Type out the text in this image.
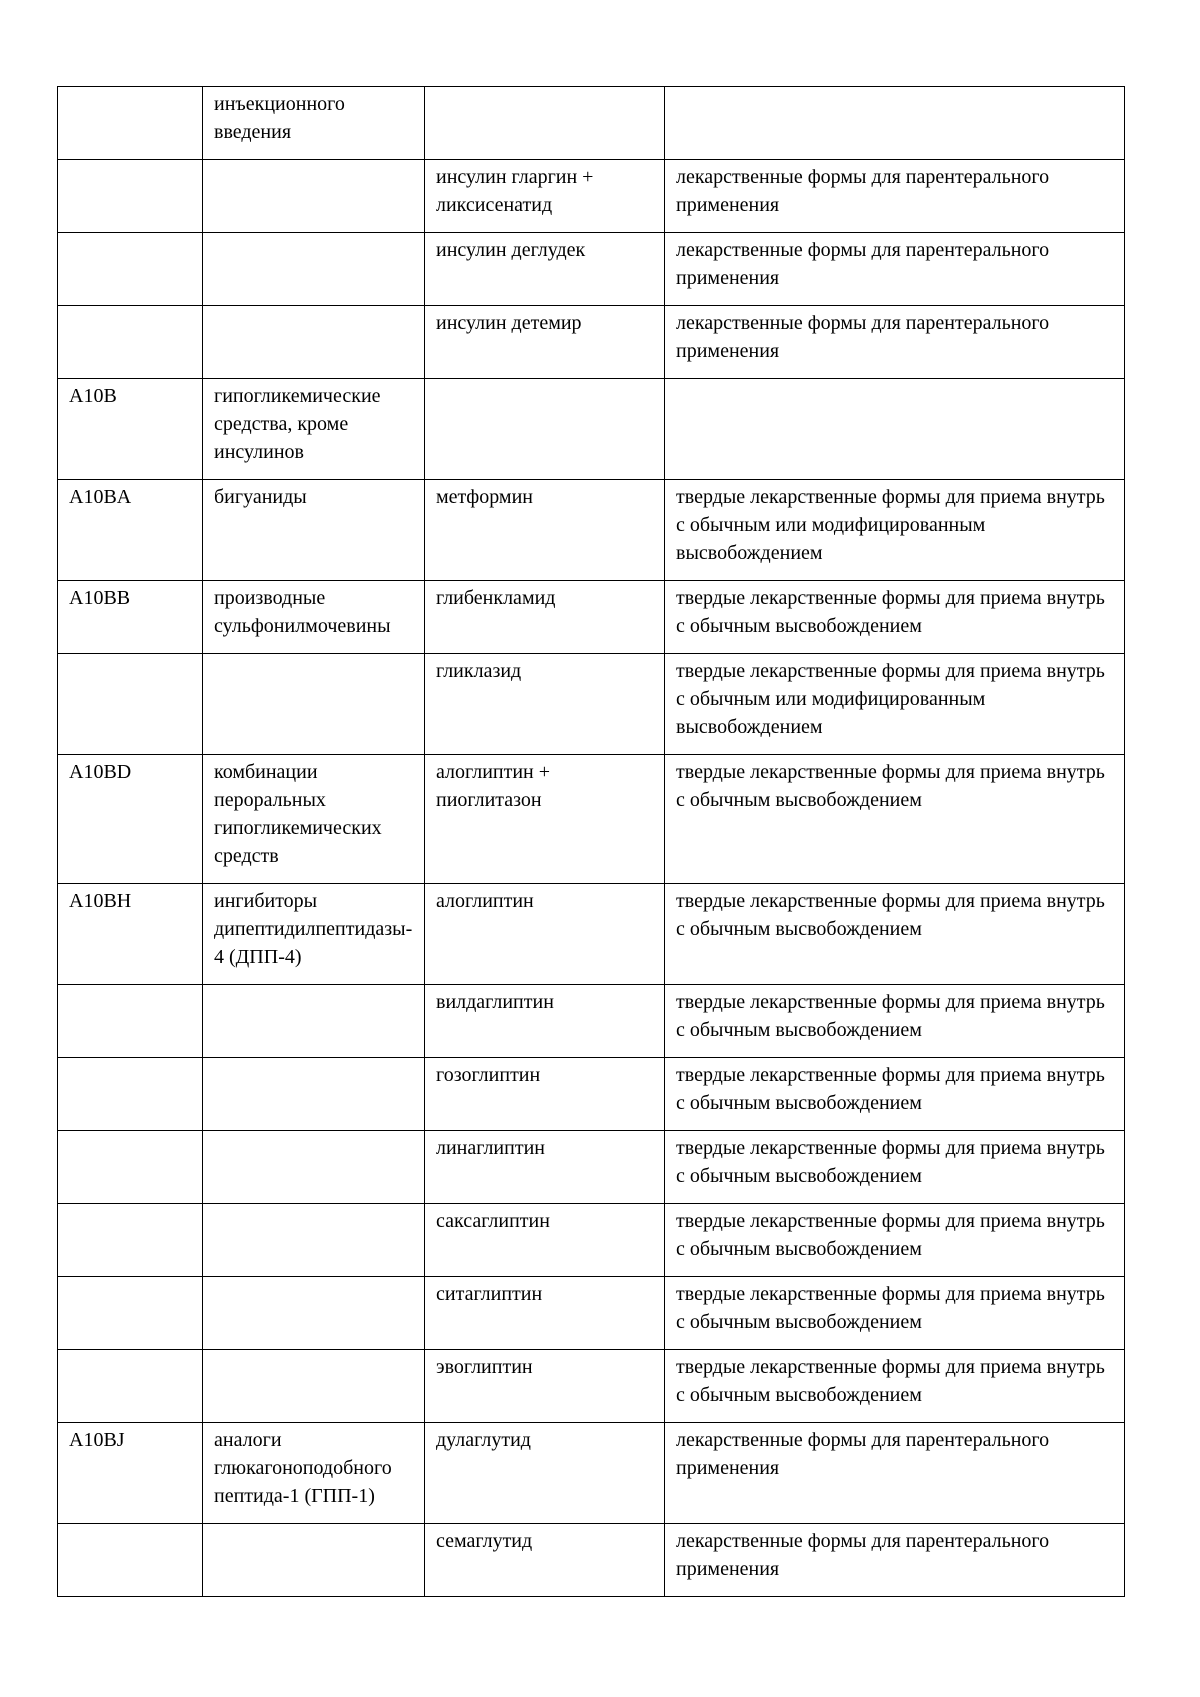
	инъекционного введения		
		инсулин гларгин + ликсисенатид	лекарственные формы для парентерального применения
		инсулин деглудек	лекарственные формы для парентерального применения
		инсулин детемир	лекарственные формы для парентерального применения
A10B	гипогликемические средства, кроме инсулинов		
A10BA	бигуаниды	метформин	твердые лекарственные формы для приема внутрь с обычным или модифицированным высвобождением
A10BB	производные сульфонилмочевины	глибенкламид	твердые лекарственные формы для приема внутрь с обычным высвобождением
		гликлазид	твердые лекарственные формы для приема внутрь с обычным или модифицированным высвобождением
A10BD	комбинации пероральных гипогликемических средств	алоглиптин + пиоглитазон	твердые лекарственные формы для приема внутрь с обычным высвобождением
A10BH	ингибиторы дипептидилпептидазы-4 (ДПП-4)	алоглиптин	твердые лекарственные формы для приема внутрь с обычным высвобождением
		вилдаглиптин	твердые лекарственные формы для приема внутрь с обычным высвобождением
		гозоглиптин	твердые лекарственные формы для приема внутрь с обычным высвобождением
		линаглиптин	твердые лекарственные формы для приема внутрь с обычным высвобождением
		саксаглиптин	твердые лекарственные формы для приема внутрь с обычным высвобождением
		ситаглиптин	твердые лекарственные формы для приема внутрь с обычным высвобождением
		эвоглиптин	твердые лекарственные формы для приема внутрь с обычным высвобождением
A10BJ	аналоги глюкагоноподобного пептида-1 (ГПП-1)	дулаглутид	лекарственные формы для парентерального применения
		семаглутид	лекарственные формы для парентерального применения
